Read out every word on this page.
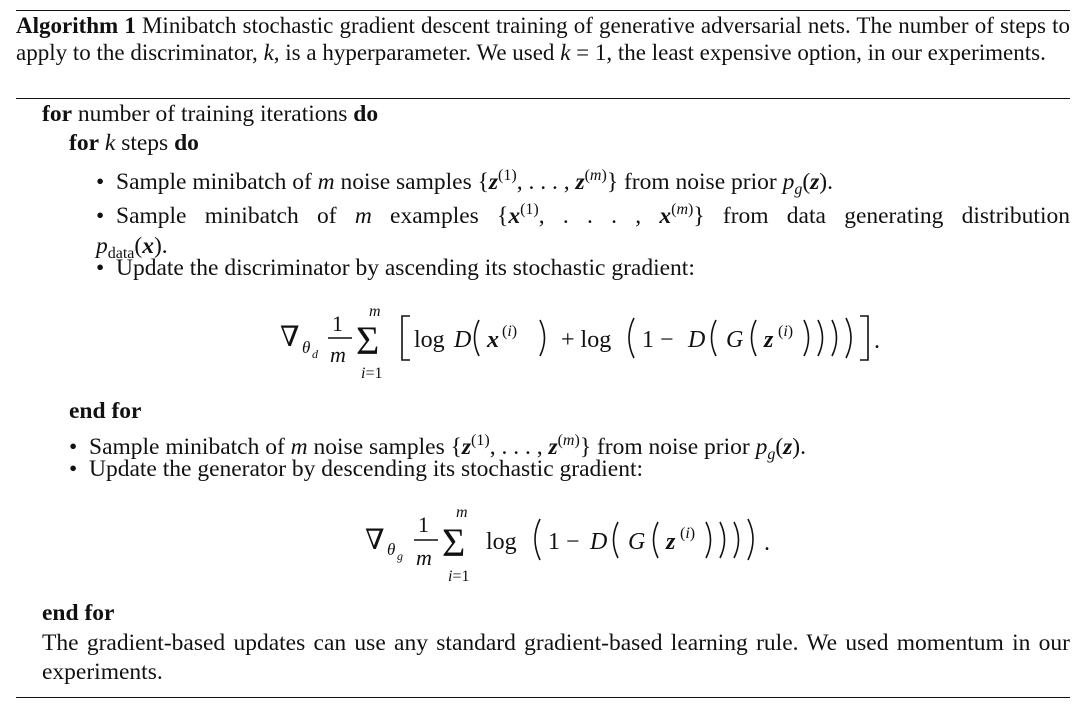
Algorithm 1 Minibatch stochastic gradient descent training of generative adversarial nets. The number of steps to apply to the discriminator, k, is a hyperparameter. We used k = 1, the least expensive option, in our experiments.
for number of training iterations do
for k steps do
• Sample minibatch of m noise samples {$z^{(1)}$, . . . , $z^{(m)}$} from noise prior $p_g(z)$.
• Sample minibatch of m examples {$x^{(1)}$, . . . , $x^{(m)}$} from data generating distribution
$p_{data}(x)$.
• Update the discriminator by ascending its stochastic gradient:
∇ θ d
1
m
m
Σ
i=1
log D x (i) + log 1 − D G z (i)	.
end for
• Sample minibatch of m noise samples {$z^{(1)}$, . . . , $z^{(m)}$} from noise prior $p_g(z)$.
• Update the generator by descending its stochastic gradient:
∇ θ g
1
m
m
Σ
i=1
log 1 − D G z (i)	.
end for
The gradient-based updates can use any standard gradient-based learning rule. We used momentum in our experiments.
